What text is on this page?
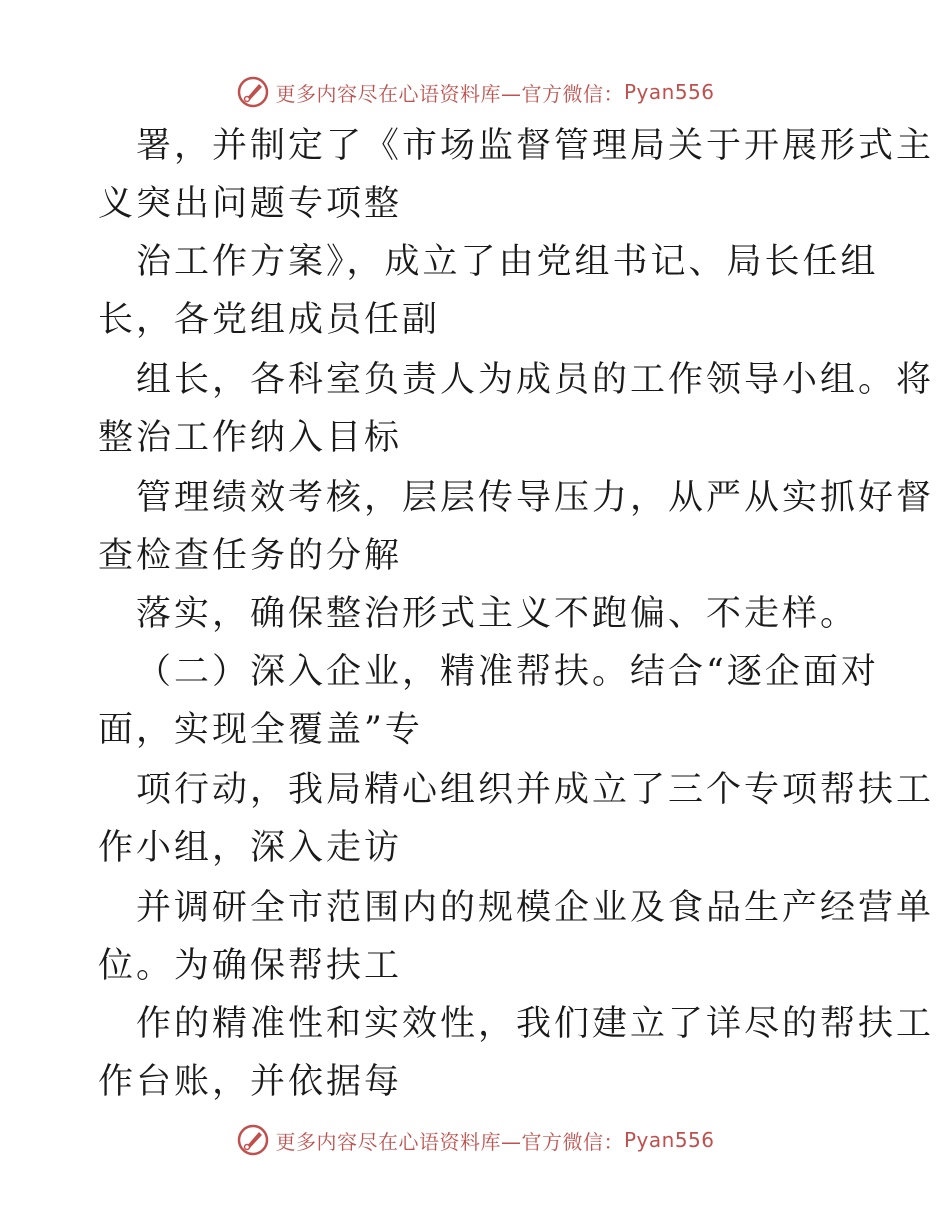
更多内容尽在心语资料库— 官方微信： Pyan556
署，并制定了《市场监督管理局关于开展形式主
义突出问题专项整
治工作方案》，成立了由党组书记、局长任组
长，各党组成员任副
组长，各科室负责人为成员的工作领导小组。将
整治工作纳入目标
管理绩效考核，层层传导压力，从严从实抓好督
查检查任务的分解
落实，确保整治形式主义不跑偏、不走样。
（二）深入企业，精准帮扶。结合“逐企面对
面，实现全覆盖”专
项行动，我局精心组织并成立了三个专项帮扶工
作小组，深入走访
并调研全市范围内的规模企业及食品生产经营单
位。为确保帮扶工
作的精准性和实效性，我们建立了详尽的帮扶工
作台账，并依据每
更多内容尽在心语资料库— 官方微信： Pyan556
